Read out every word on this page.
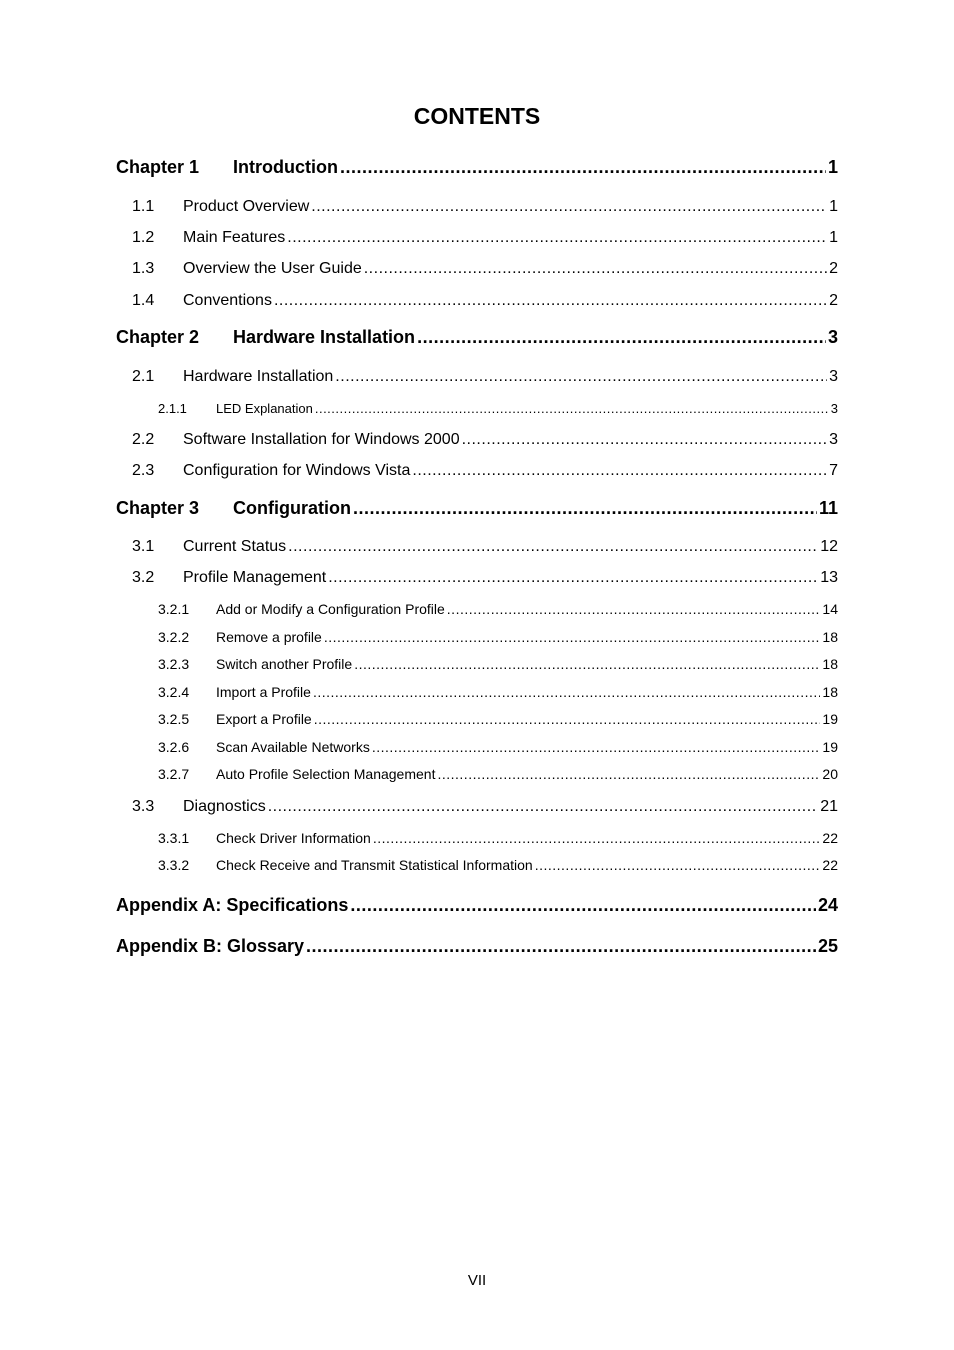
CONTENTS
Chapter 1	Introduction .....	1
1.1	Product Overview .....	1
1.2	Main Features .....	1
1.3	Overview the User Guide .....	2
1.4	Conventions .....	2
Chapter 2	Hardware Installation .....	3
2.1	Hardware Installation .....	3
2.1.1	LED Explanation .....	3
2.2	Software Installation for Windows 2000 .....	3
2.3	Configuration for Windows Vista .....	7
Chapter 3	Configuration .....	11
3.1	Current Status .....	12
3.2	Profile Management .....	13
3.2.1	Add or Modify a Configuration Profile .....	14
3.2.2	Remove a profile .....	18
3.2.3	Switch another Profile .....	18
3.2.4	Import a Profile .....	18
3.2.5	Export a Profile .....	19
3.2.6	Scan Available Networks .....	19
3.2.7	Auto Profile Selection Management .....	20
3.3	Diagnostics .....	21
3.3.1	Check Driver Information .....	22
3.3.2	Check Receive and Transmit Statistical Information .....	22
Appendix A: Specifications .....	24
Appendix B: Glossary .....	25
VII
